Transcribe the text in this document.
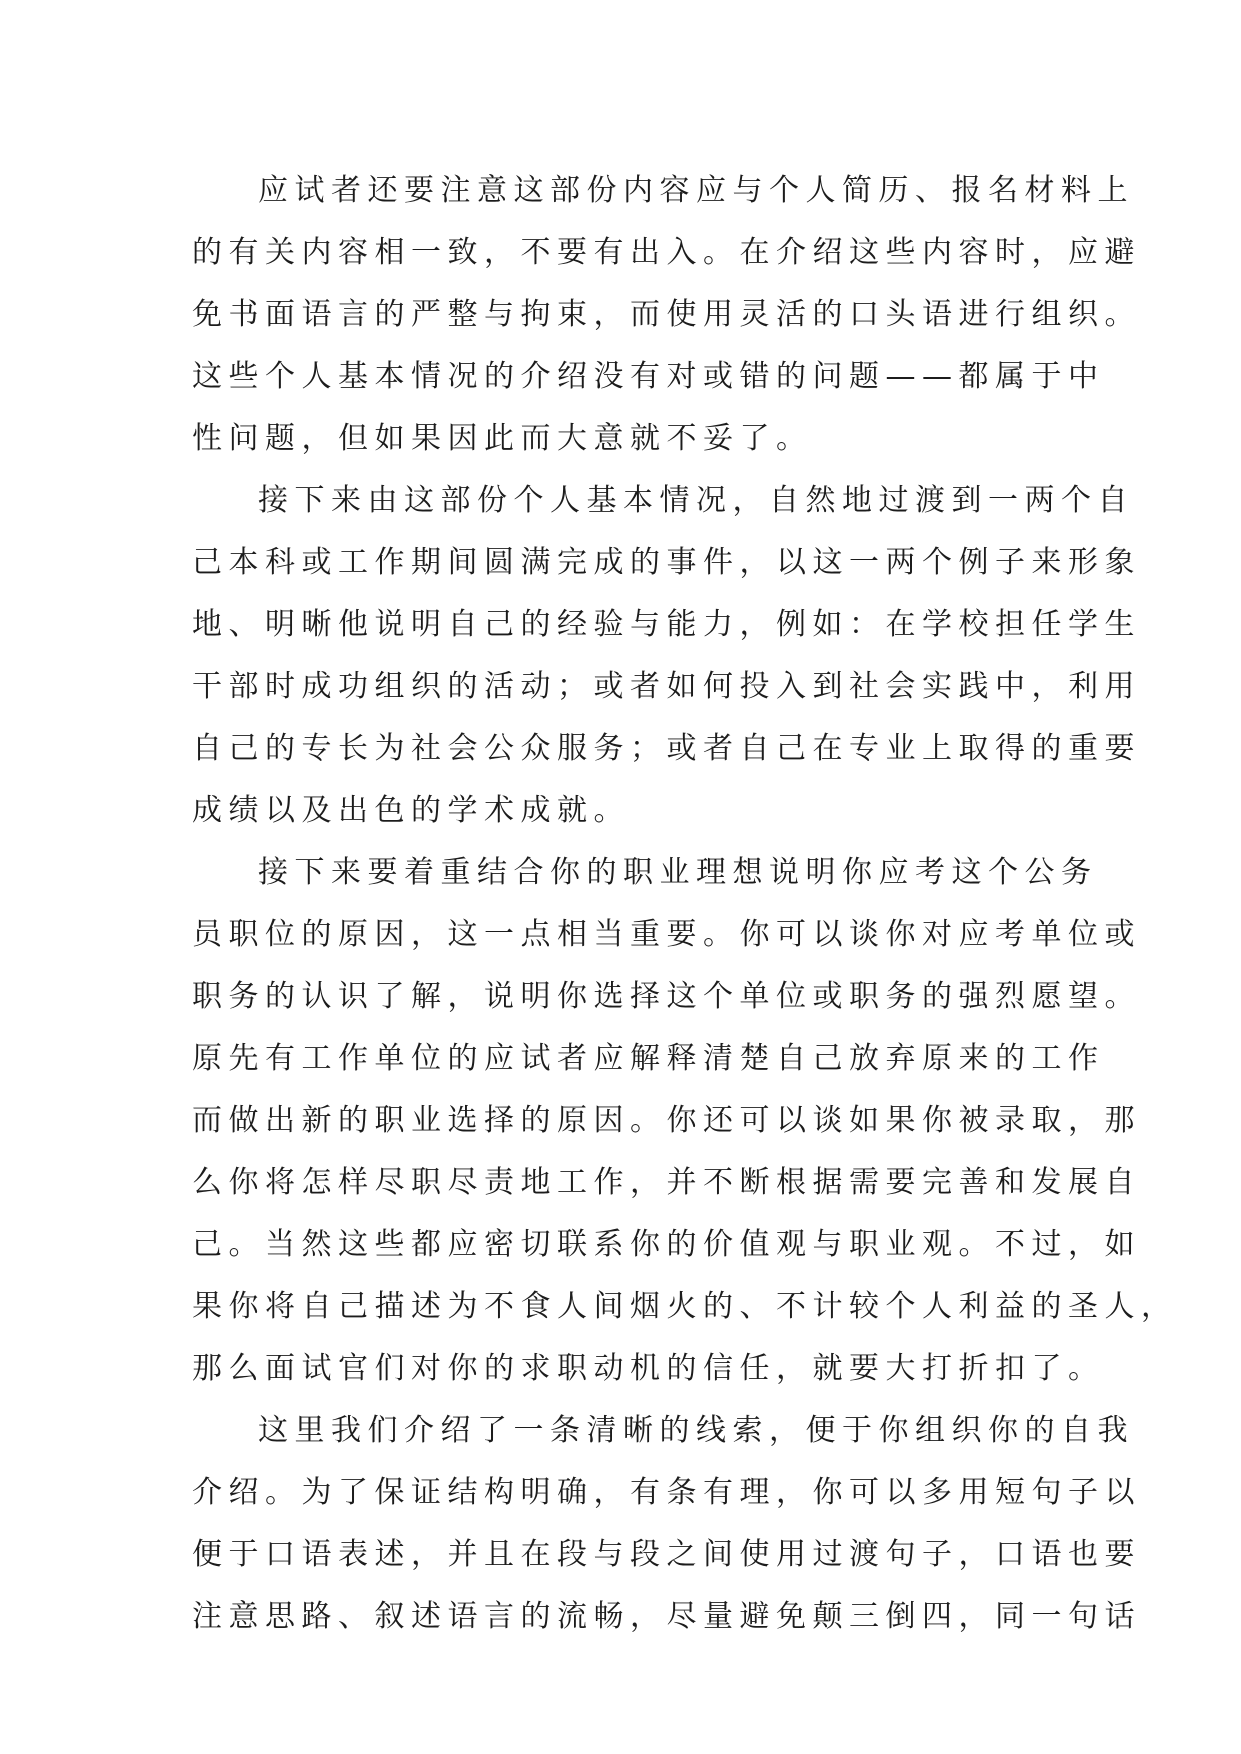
应试者还要注意这部份内容应与个人简历、报名材料上
的有关内容相一致，不要有出入。在介绍这些内容时，应避
免书面语言的严整与拘束，而使用灵活的口头语进行组织。
这些个人基本情况的介绍没有对或错的问题——都属于中
性问题，但如果因此而大意就不妥了。
接下来由这部份个人基本情况，自然地过渡到一两个自
己本科或工作期间圆满完成的事件，以这一两个例子来形象
地、明晰他说明自己的经验与能力，例如：在学校担任学生
干部时成功组织的活动；或者如何投入到社会实践中，利用
自己的专长为社会公众服务；或者自己在专业上取得的重要
成绩以及出色的学术成就。
接下来要着重结合你的职业理想说明你应考这个公务
员职位的原因，这一点相当重要。你可以谈你对应考单位或
职务的认识了解，说明你选择这个单位或职务的强烈愿望。
原先有工作单位的应试者应解释清楚自己放弃原来的工作
而做出新的职业选择的原因。你还可以谈如果你被录取，那
么你将怎样尽职尽责地工作，并不断根据需要完善和发展自
己。当然这些都应密切联系你的价值观与职业观。不过，如
果你将自己描述为不食人间烟火的、不计较个人利益的圣人，
那么面试官们对你的求职动机的信任，就要大打折扣了。
这里我们介绍了一条清晰的线索，便于你组织你的自我
介绍。为了保证结构明确，有条有理，你可以多用短句子以
便于口语表述，并且在段与段之间使用过渡句子，口语也要
注意思路、叙述语言的流畅，尽量避免颠三倒四，同一句话
